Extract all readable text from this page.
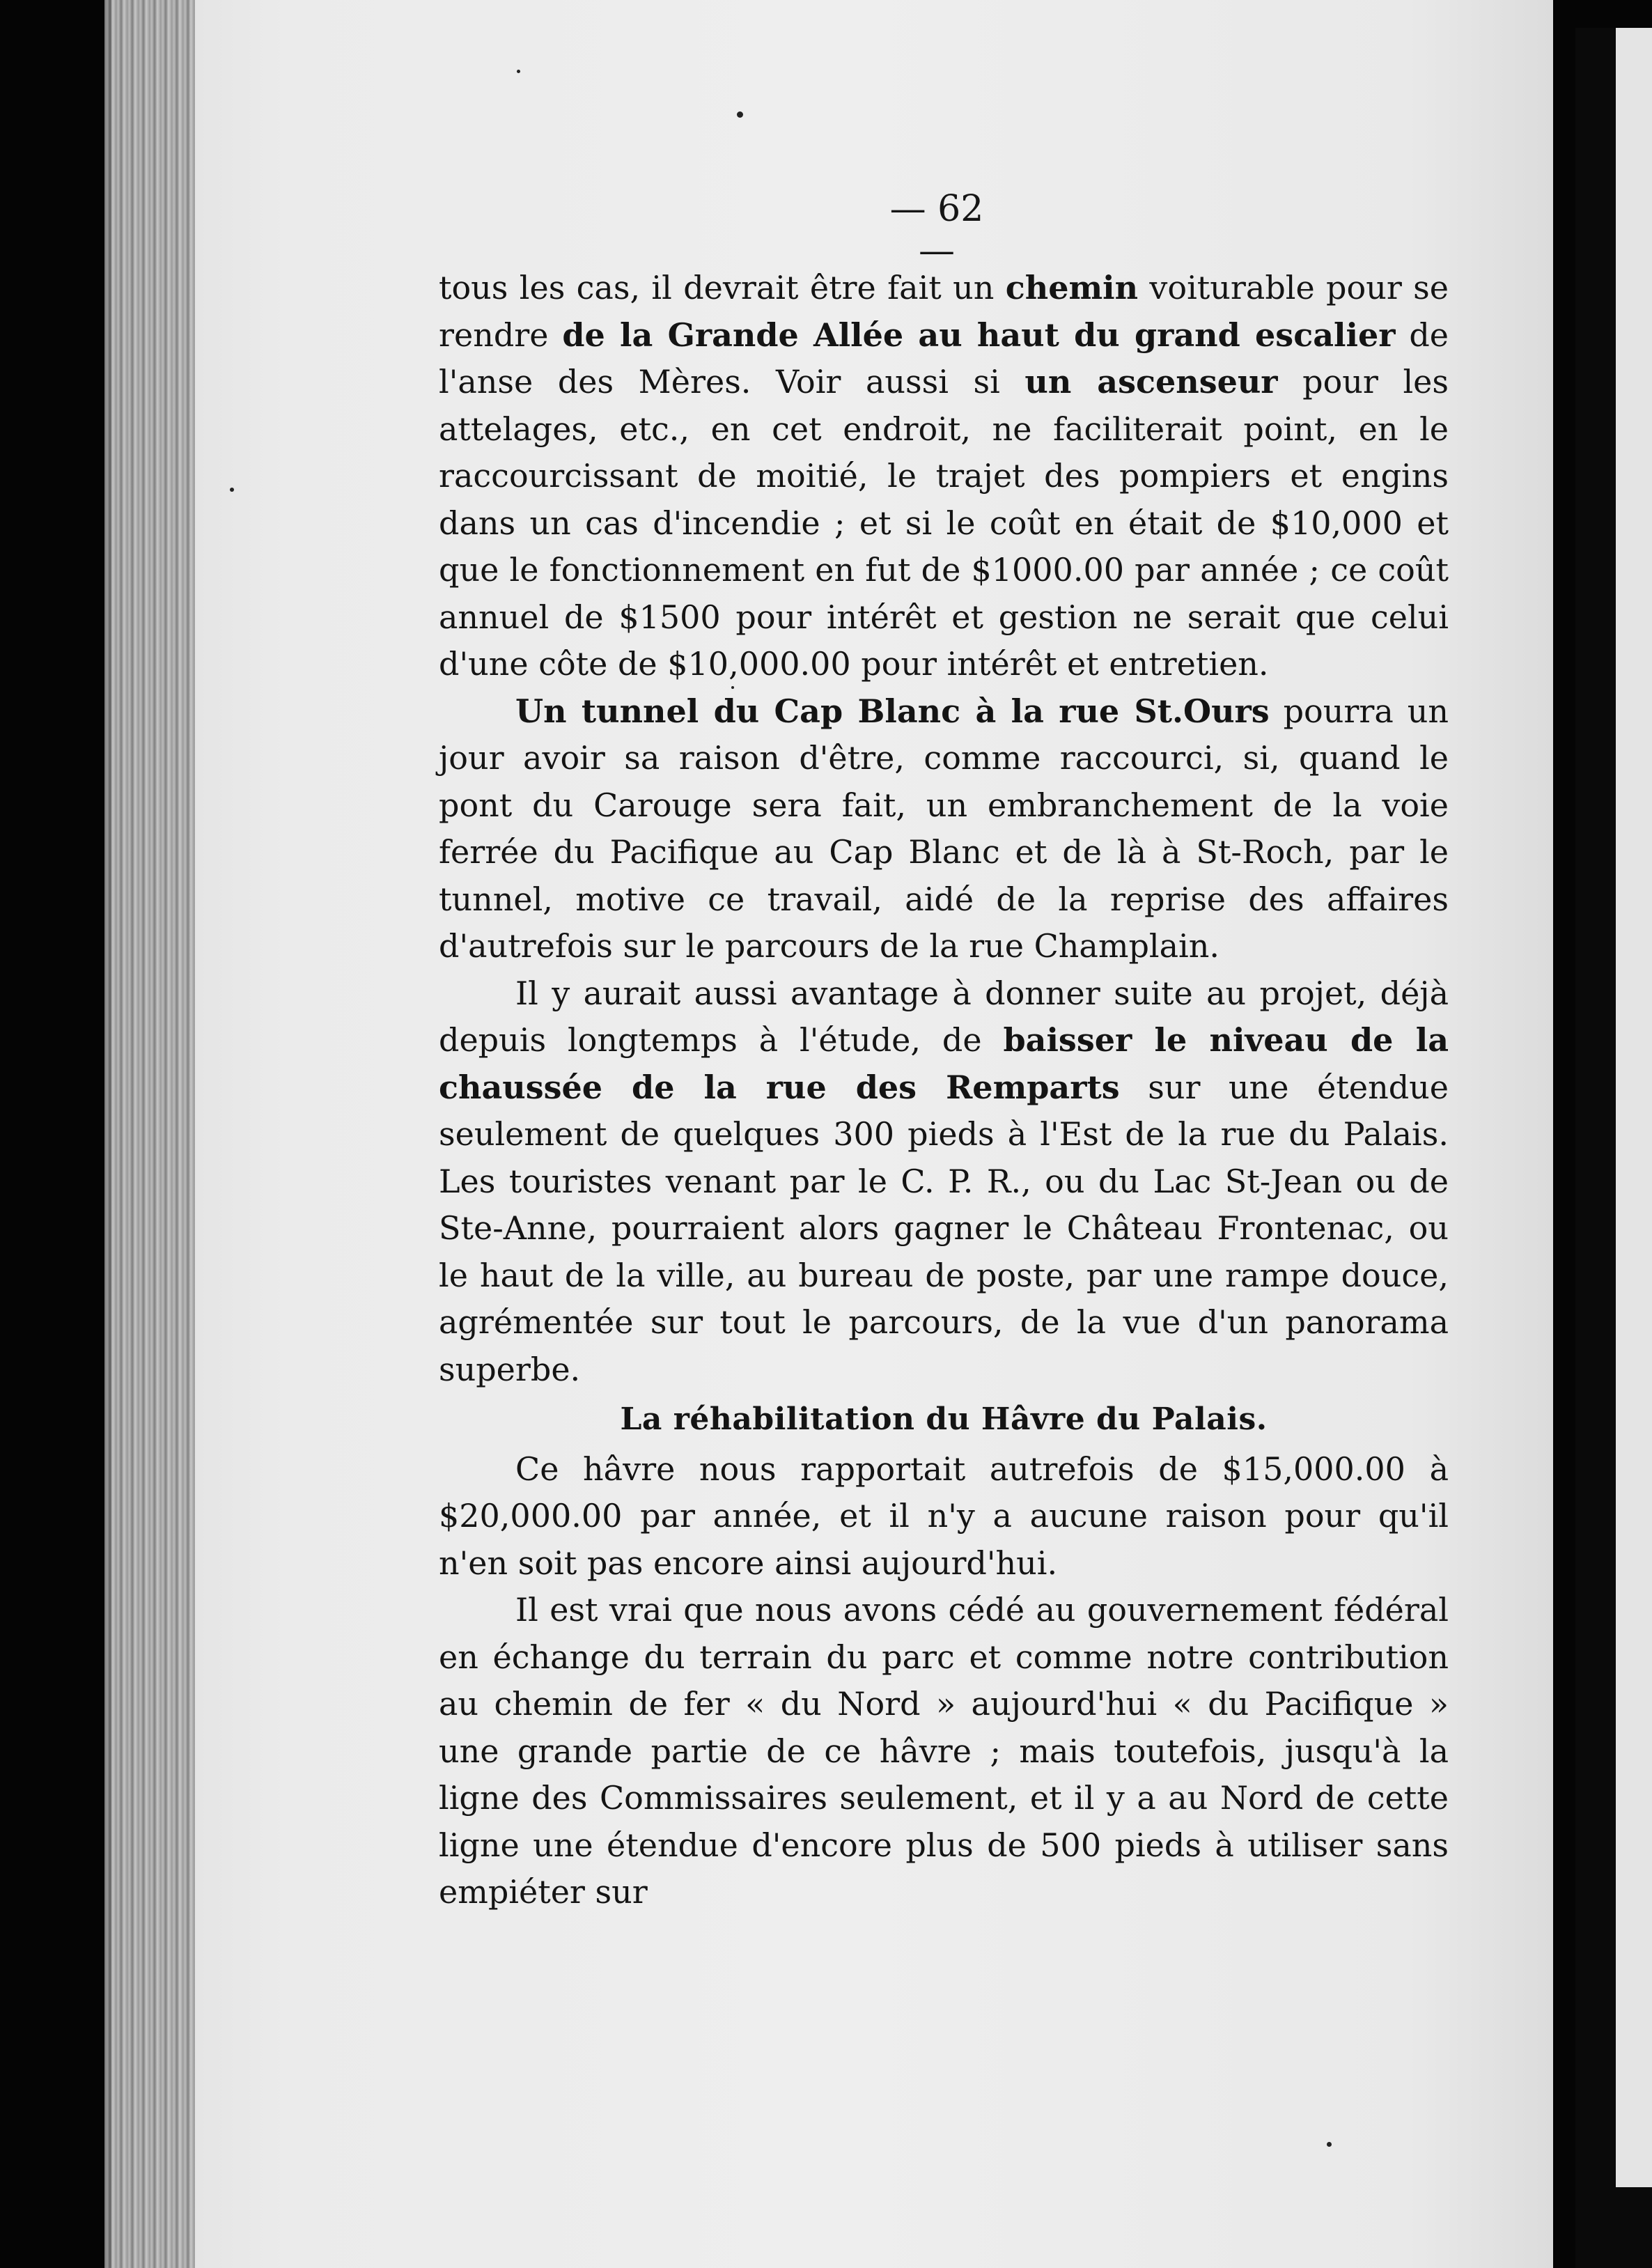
— 62 —

tous les cas, il devrait être fait un chemin voiturable pour se rendre de la Grande Allée au haut du grand escalier de l'anse des Mères. Voir aussi si un ascenseur pour les attelages, etc., en cet endroit, ne faciliterait point, en le raccourcissant de moitié, le trajet des pompiers et engins dans un cas d'incendie ; et si le coût en était de $10,000 et que le fonctionnement en fut de $1000.00 par année ; ce coût annuel de $1500 pour intérêt et gestion ne serait que celui d'une côte de $10,000.00 pour intérêt et entretien.

Un tunnel du Cap Blanc à la rue St.Ours pourra un jour avoir sa raison d'être, comme raccourci, si, quand le pont du Carouge sera fait, un embranchement de la voie ferrée du Pacifique au Cap Blanc et de là à St-Roch, par le tunnel, motive ce travail, aidé de la reprise des affaires d'autrefois sur le parcours de la rue Champlain.

Il y aurait aussi avantage à donner suite au projet, déjà depuis longtemps à l'étude, de baisser le niveau de la chaussée de la rue des Remparts sur une étendue seulement de quelques 300 pieds à l'Est de la rue du Palais. Les touristes venant par le C. P. R., ou du Lac St-Jean ou de Ste-Anne, pourraient alors gagner le Château Frontenac, ou le haut de la ville, au bureau de poste, par une rampe douce, agrémentée sur tout le parcours, de la vue d'un panorama superbe.

La réhabilitation du Hâvre du Palais.

Ce hâvre nous rapportait autrefois de $15,000.00 à $20,000.00 par année, et il n'y a aucune raison pour qu'il n'en soit pas encore ainsi aujourd'hui.

Il est vrai que nous avons cédé au gouvernement fédéral en échange du terrain du parc et comme notre contribution au chemin de fer « du Nord » aujourd'hui « du Pacifique » une grande partie de ce hâvre ; mais toutefois, jusqu'à la ligne des Commissaires seulement, et il y a au Nord de cette ligne une étendue d'encore plus de 500 pieds à utiliser sans empiéter sur
